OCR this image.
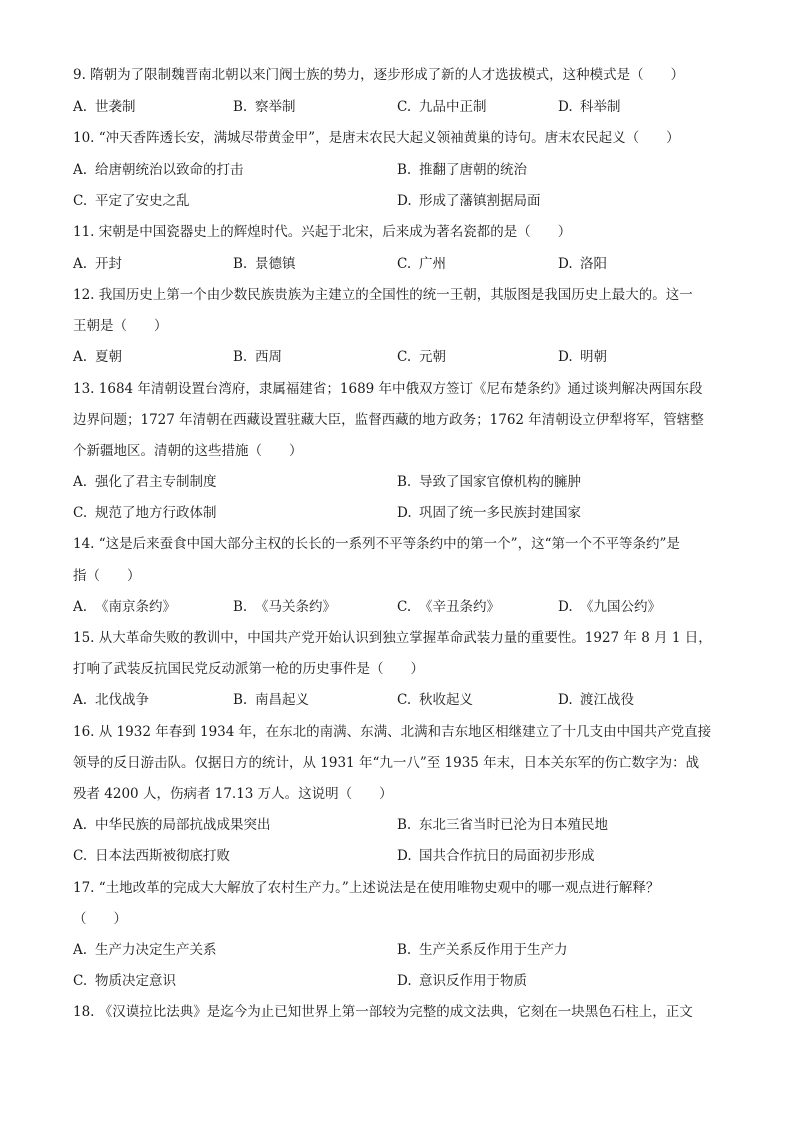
9. 隋朝为了限制魏晋南北朝以来门阀士族的势力，逐步形成了新的人才选拔模式，这种模式是（　　）
A. 世袭制	B. 察举制	C. 九品中正制	D. 科举制
10. “冲天香阵透长安，满城尽带黄金甲”，是唐末农民大起义领袖黄巢的诗句。唐末农民起义（　　）
A. 给唐朝统治以致命的打击	B. 推翻了唐朝的统治
C. 平定了安史之乱	D. 形成了藩镇割据局面
11. 宋朝是中国瓷器史上的辉煌时代。兴起于北宋，后来成为著名瓷都的是（　　）
A. 开封	B. 景德镇	C. 广州	D. 洛阳
12. 我国历史上第一个由少数民族贵族为主建立的全国性的统一王朝，其版图是我国历史上最大的。这一
王朝是（　　）
A. 夏朝	B. 西周	C. 元朝	D. 明朝
13. 1684 年清朝设置台湾府，隶属福建省；1689 年中俄双方签订《尼布楚条约》通过谈判解决两国东段
边界问题；1727 年清朝在西藏设置驻藏大臣，监督西藏的地方政务；1762 年清朝设立伊犁将军，管辖整
个新疆地区。清朝的这些措施（　　）
A. 强化了君主专制制度	B. 导致了国家官僚机构的臃肿
C. 规范了地方行政体制	D. 巩固了统一多民族封建国家
14. “这是后来蚕食中国大部分主权的长长的一系列不平等条约中的第一个”，这“第一个不平等条约”是
指（　　）
A. 《南京条约》	B. 《马关条约》	C. 《辛丑条约》	D. 《九国公约》
15. 从大革命失败的教训中，中国共产党开始认识到独立掌握革命武装力量的重要性。1927 年 8 月 1 日，
打响了武装反抗国民党反动派第一枪的历史事件是（　　）
A. 北伐战争	B. 南昌起义	C. 秋收起义	D. 渡江战役
16. 从 1932 年春到 1934 年，在东北的南满、东满、北满和吉东地区相继建立了十几支由中国共产党直接
领导的反日游击队。仅据日方的统计，从 1931 年“九一八”至 1935 年末，日本关东军的伤亡数字为：战
殁者 4200 人，伤病者 17.13 万人。这说明（　　）
A. 中华民族的局部抗战成果突出	B. 东北三省当时已沦为日本殖民地
C. 日本法西斯被彻底打败	D. 国共合作抗日的局面初步形成
17. “土地改革的完成大大解放了农村生产力。”上述说法是在使用唯物史观中的哪一观点进行解释？
（　　）
A. 生产力决定生产关系	B. 生产关系反作用于生产力
C. 物质决定意识	D. 意识反作用于物质
18. 《汉谟拉比法典》是迄今为止已知世界上第一部较为完整的成文法典，它刻在一块黑色石柱上，正文
